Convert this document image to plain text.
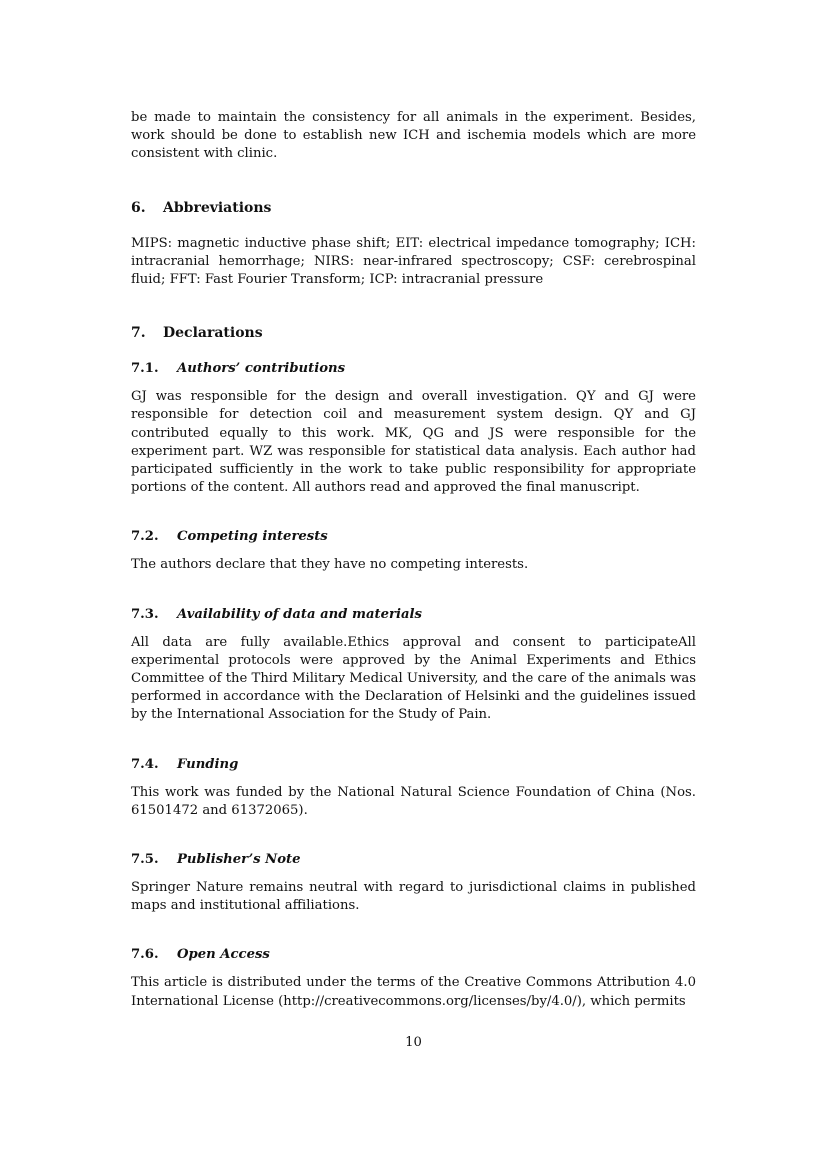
be made to maintain the consistency for all animals in the experiment. Besides, work should be done to establish new ICH and ischemia models which are more consistent with clinic.

6. Abbreviations

MIPS: magnetic inductive phase shift; EIT: electrical impedance tomography; ICH: intracranial hemorrhage; NIRS: near-infrared spectroscopy; CSF: cerebrospinal fluid; FFT: Fast Fourier Transform; ICP: intracranial pressure

7. Declarations
7.1. Authors’ contributions

GJ was responsible for the design and overall investigation. QY and GJ were responsible for detection coil and measurement system design. QY and GJ contributed equally to this work. MK, QG and JS were responsible for the experiment part. WZ was responsible for statistical data analysis. Each author had participated sufficiently in the work to take public responsibility for appropriate portions of the content. All authors read and approved the final manuscript.

7.2. Competing interests

The authors declare that they have no competing interests.

7.3. Availability of data and materials

All data are fully available.Ethics approval and consent to participateAll experimental protocols were approved by the Animal Experiments and Ethics Committee of the Third Military Medical University, and the care of the animals was performed in accordance with the Declaration of Helsinki and the guidelines issued by the International Association for the Study of Pain.

7.4. Funding

This work was funded by the National Natural Science Foundation of China (Nos. 61501472 and 61372065).

7.5. Publisher’s Note

Springer Nature remains neutral with regard to jurisdictional claims in published maps and institutional affiliations.

7.6. Open Access

This article is distributed under the terms of the Creative Commons Attribution 4.0 International License (http://creativecommons.org/licenses/by/4.0/), which permits

10
